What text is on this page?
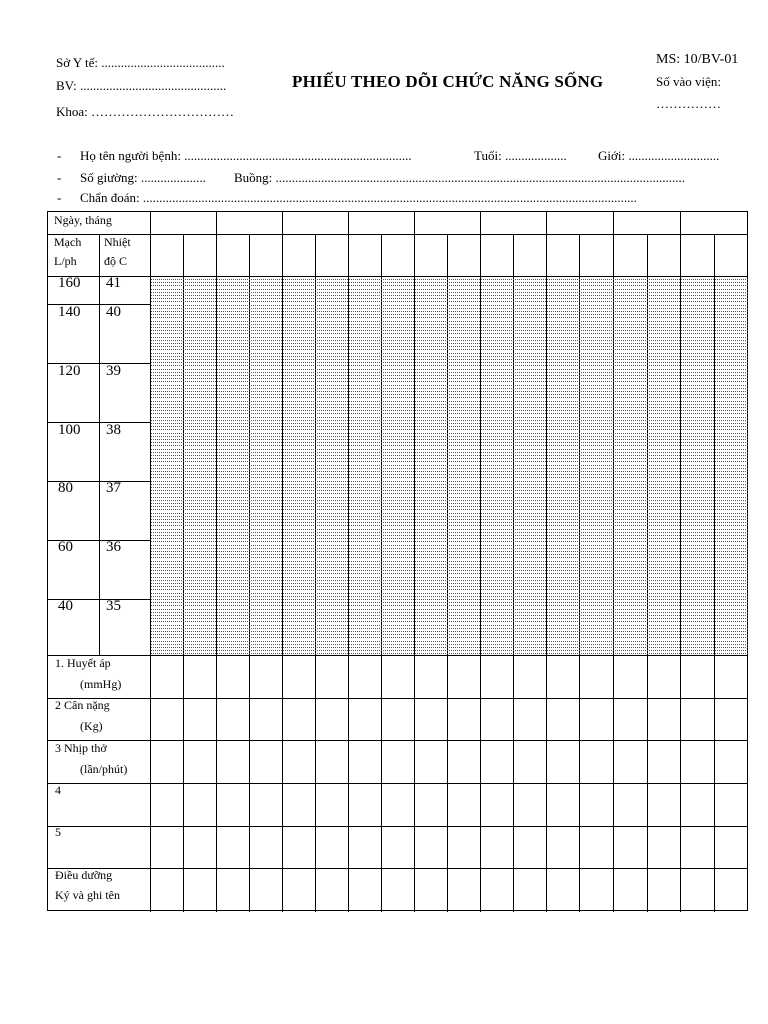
Sở Y tế: ......................................
BV: .............................................
Khoa: ……………………………
PHIẾU THEO DÕI CHỨC NĂNG SỐNG
MS: 10/BV-01
Số vào viện:
……………
- Họ tên người bệnh: ......................................................................	Tuổi: ................... Giới: ............................
- Số giường: .................... Buồng: ..............................................................................................................................
- Chẩn đoán: ........................................................................................................................................................
Ngày, tháng
Mạch
L/ph
Nhiệt
độ C
160 41
140 40
120 39
100 38
80 37
60 36
40 35
1. Huyết áp
(mmHg)
2 Cân nặng
(Kg)
3 Nhịp thở
(lần/phút)
4
5
Điều dưỡng
Ký và ghi tên
